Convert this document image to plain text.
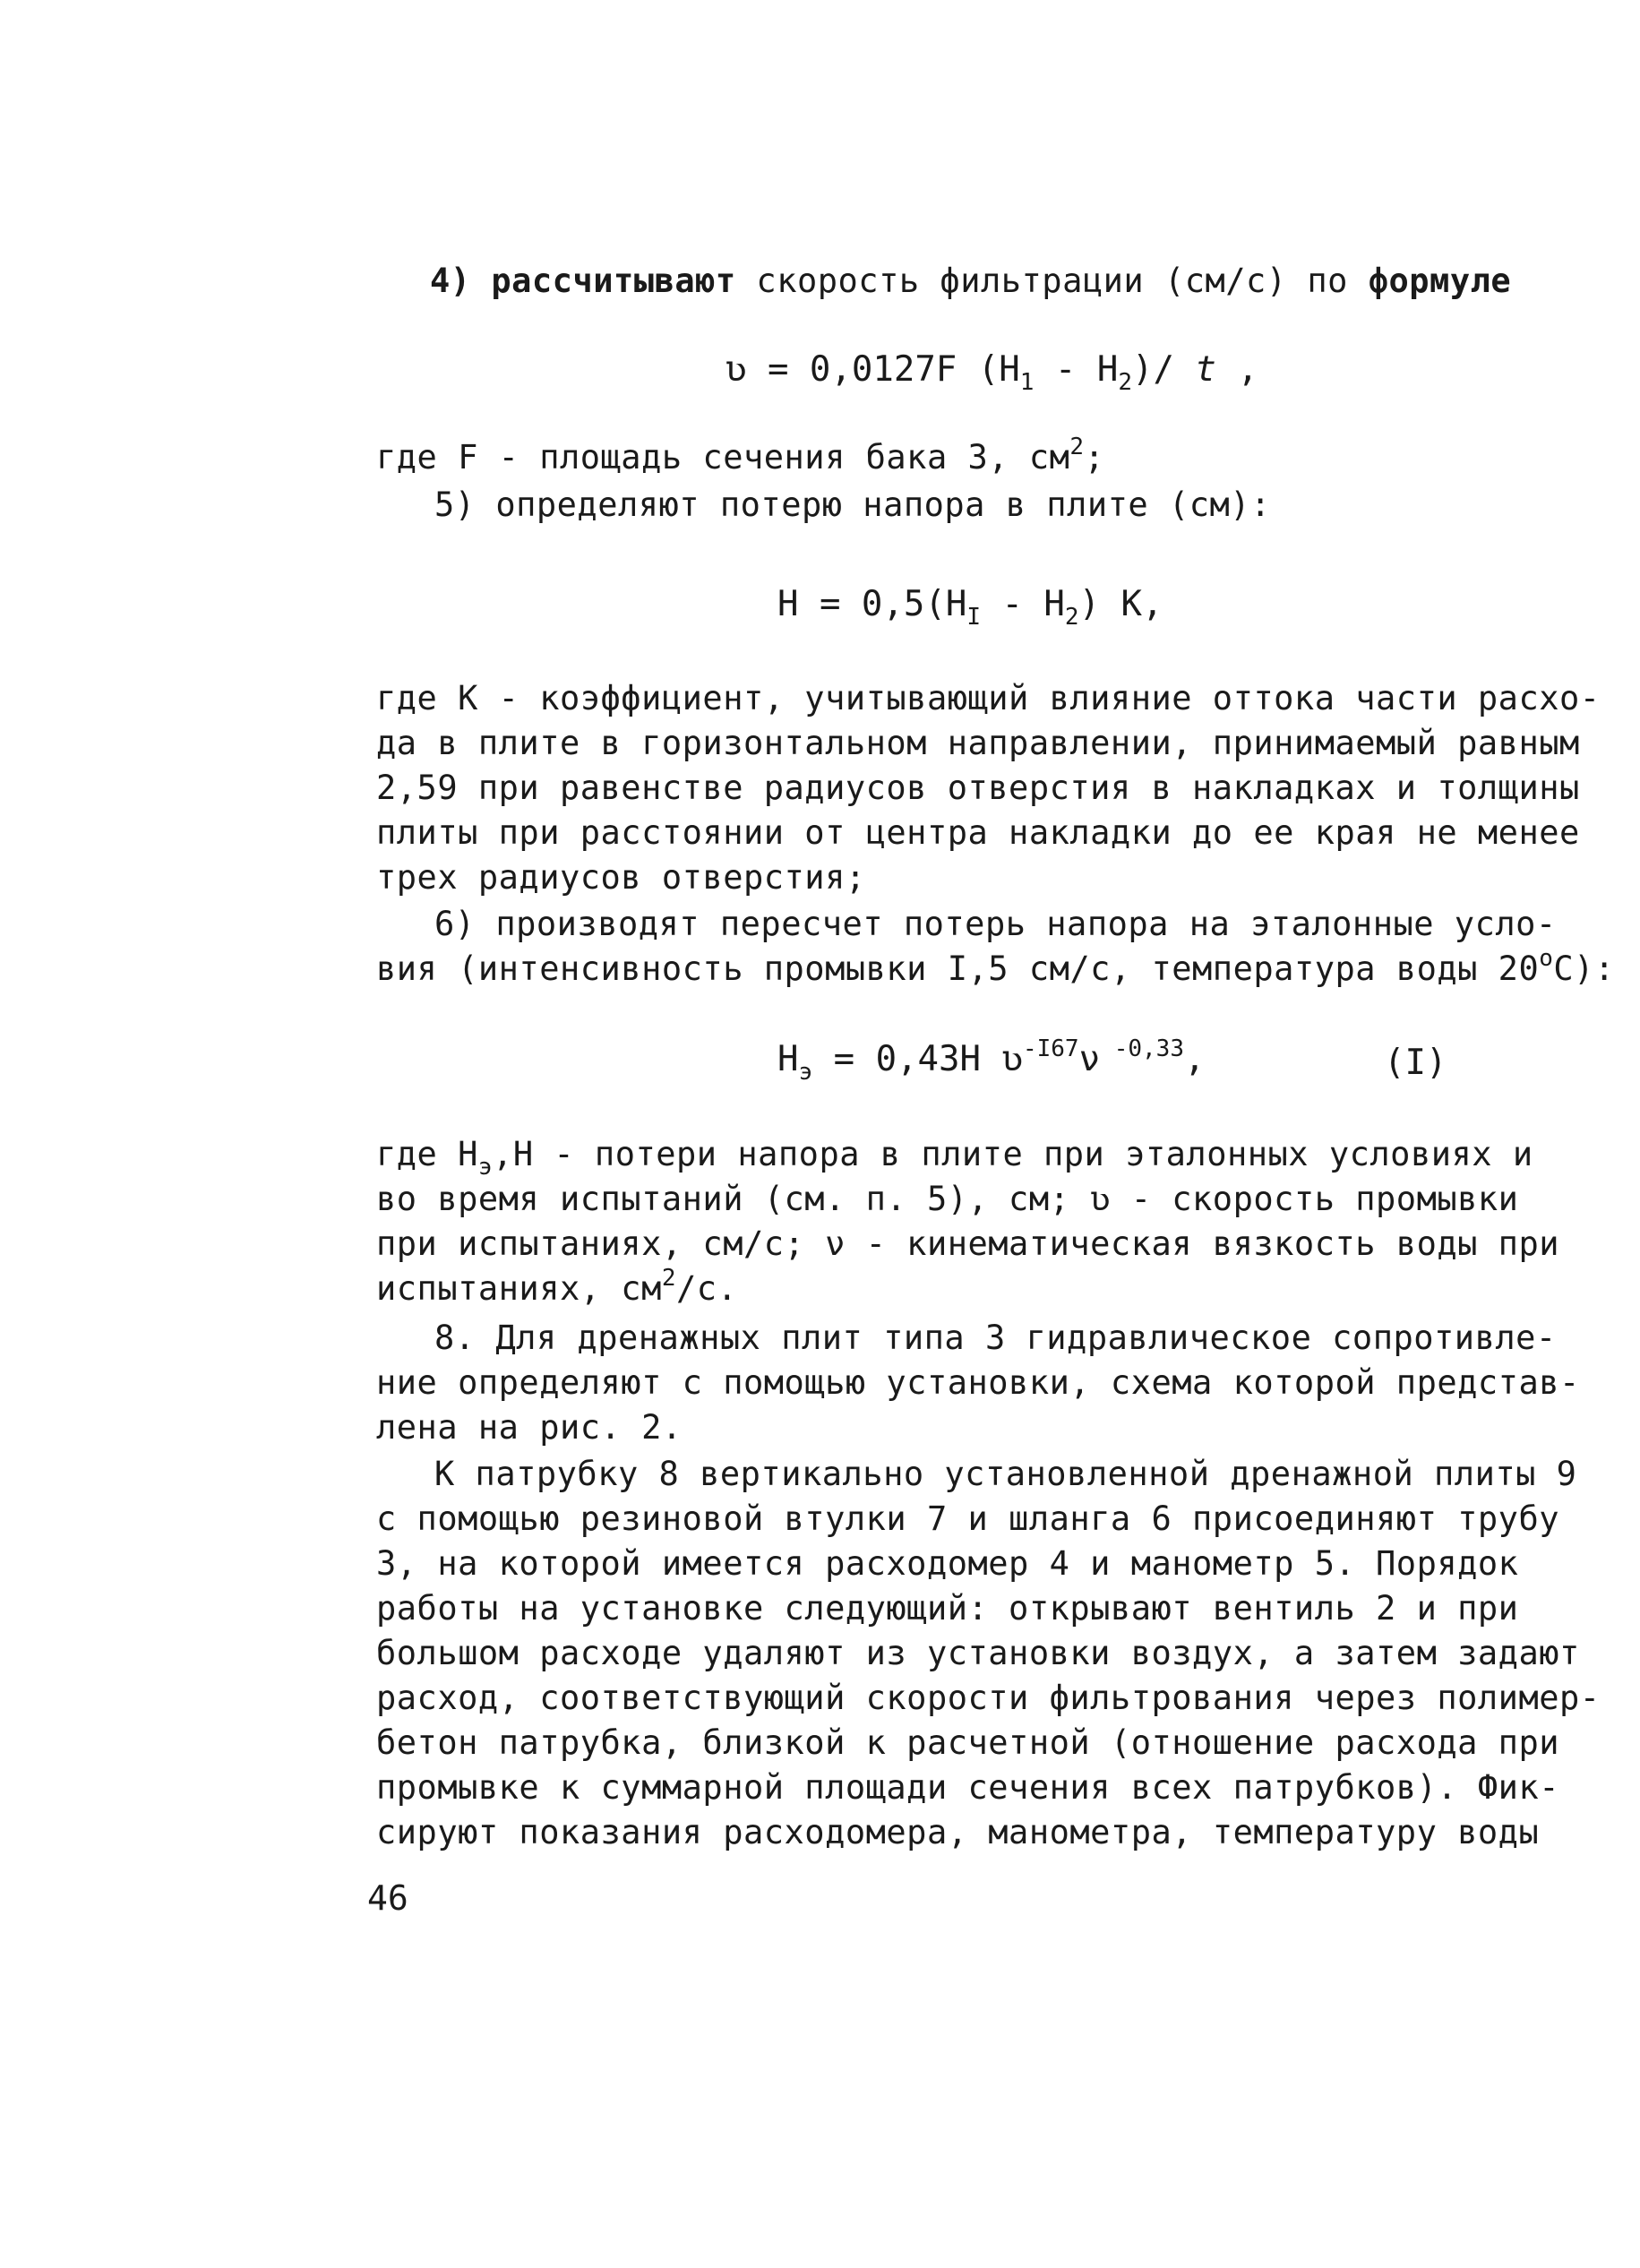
4) рассчитывают скорость фильтрации (см/с) по формуле
ʋ = 0,0127F $(H_1 - H_2)/$ t ,
где F - площадь сечения бака 3, $см^2$;
5) определяют потерю напора в плите (см):
$H = 0,5(H_I - H_2)$ K,
где K - коэффициент, учитывающий влияние оттока части расхо-
да в плите в горизонтальном направлении, принимаемый равным
2,59 при равенстве радиусов отверстия в накладках и толщины
плиты при расстоянии от центра накладки до ее края не менее
трех радиусов отверстия;
6) производят пересчет потерь напора на эталонные усло-
вия (интенсивность промывки I,5 см/с, температура воды 20$^o$C):
$H_э = 0,43H$ ʋ$^{-I67}$ν $^{-0,33}$,	(I)
где $H_э,H$ - потери напора в плите при эталонных условиях и
во время испытаний (см. п. 5), см; ʋ - скорость промывки
при испытаниях, см/с; ν - кинематическая вязкость воды при
испытаниях, $см^2/с$.
8. Для дренажных плит типа 3 гидравлическое сопротивле-
ние определяют с помощью установки, схема которой представ-
лена на рис. 2.
К патрубку 8 вертикально установленной дренажной плиты 9
с помощью резиновой втулки 7 и шланга 6 присоединяют трубу
3, на которой имеется расходомер 4 и манометр 5. Порядок
работы на установке следующий: открывают вентиль 2 и при
большом расходе удаляют из установки воздух, а затем задают
расход, соответствующий скорости фильтрования через полимер-
бетон патрубка, близкой к расчетной (отношение расхода при
промывке к суммарной площади сечения всех патрубков). Фик-
сируют показания расходомера, манометра, температуру воды
46
